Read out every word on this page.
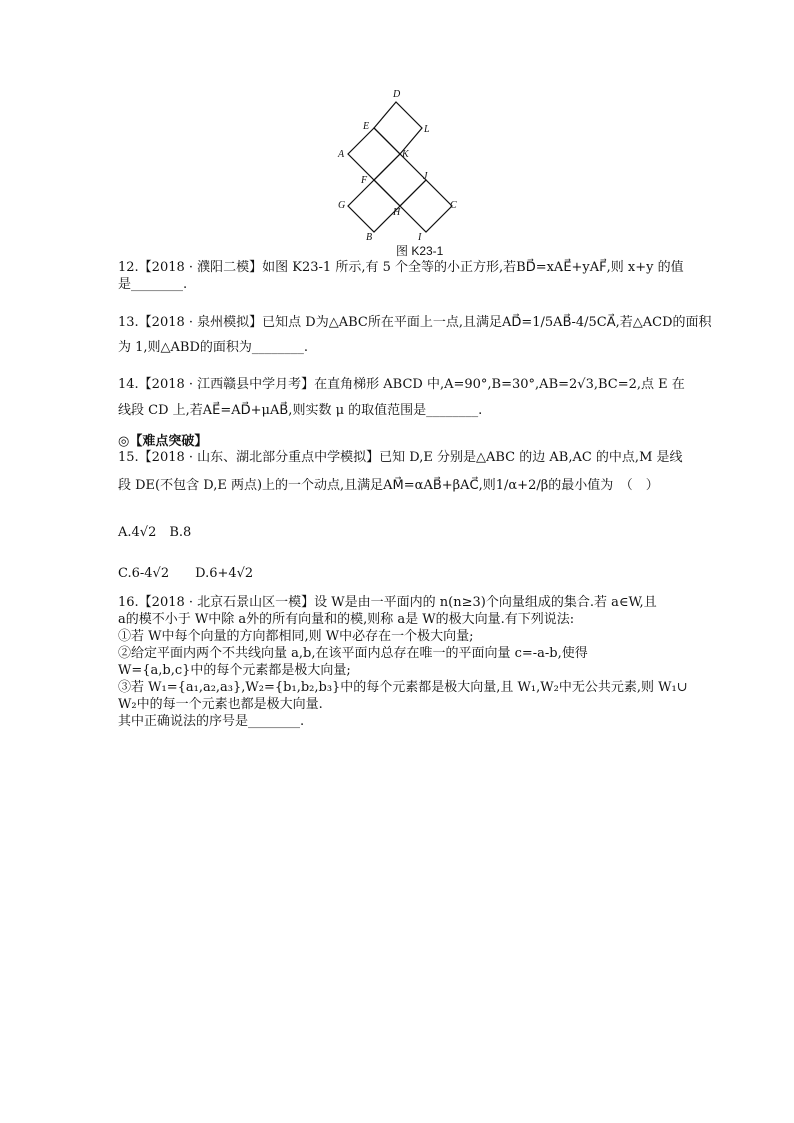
D
E	L
A	K
F	J
G	C
H
B	I
图 K23-1
12.【2018 · 濮阳二模】如图 K23-1 所示,有 5 个全等的小正方形,若BD⃗=xAE⃗+yAF⃗,则 x+y 的值
是________.
13.【2018 · 泉州模拟】已知点 D为△ABC所在平面上一点,且满足AD⃗=1/5AB⃗-4/5CA⃗,若△ACD的面积
为 1,则△ABD的面积为________.
14.【2018 · 江西赣县中学月考】在直角梯形 ABCD 中,A=90°,B=30°,AB=2√3,BC=2,点 E 在
线段 CD 上,若AE⃗=AD⃗+μAB⃗,则实数 μ 的取值范围是________.
◎【难点突破】
15.【2018 · 山东、湖北部分重点中学模拟】已知 D,E 分别是△ABC 的边 AB,AC 的中点,M 是线
段 DE(不包含 D,E 两点)上的一个动点,且满足AM⃗=αAB⃗+βAC⃗,则1/α+2/β的最小值为　（　）
A.4√2　B.8
C.6-4√2　　D.6+4√2
16.【2018 · 北京石景山区一模】设 W是由一平面内的 n(n≥3)个向量组成的集合.若 a∈W,且
a的模不小于 W中除 a外的所有向量和的模,则称 a是 W的极大向量.有下列说法:
①若 W中每个向量的方向都相同,则 W中必存在一个极大向量;
②给定平面内两个不共线向量 a,b,在该平面内总存在唯一的平面向量 c=-a-b,使得
W={a,b,c}中的每个元素都是极大向量;
③若 W₁={a₁,a₂,a₃},W₂={b₁,b₂,b₃}中的每个元素都是极大向量,且 W₁,W₂中无公共元素,则 W₁∪
W₂中的每一个元素也都是极大向量.
其中正确说法的序号是________.
